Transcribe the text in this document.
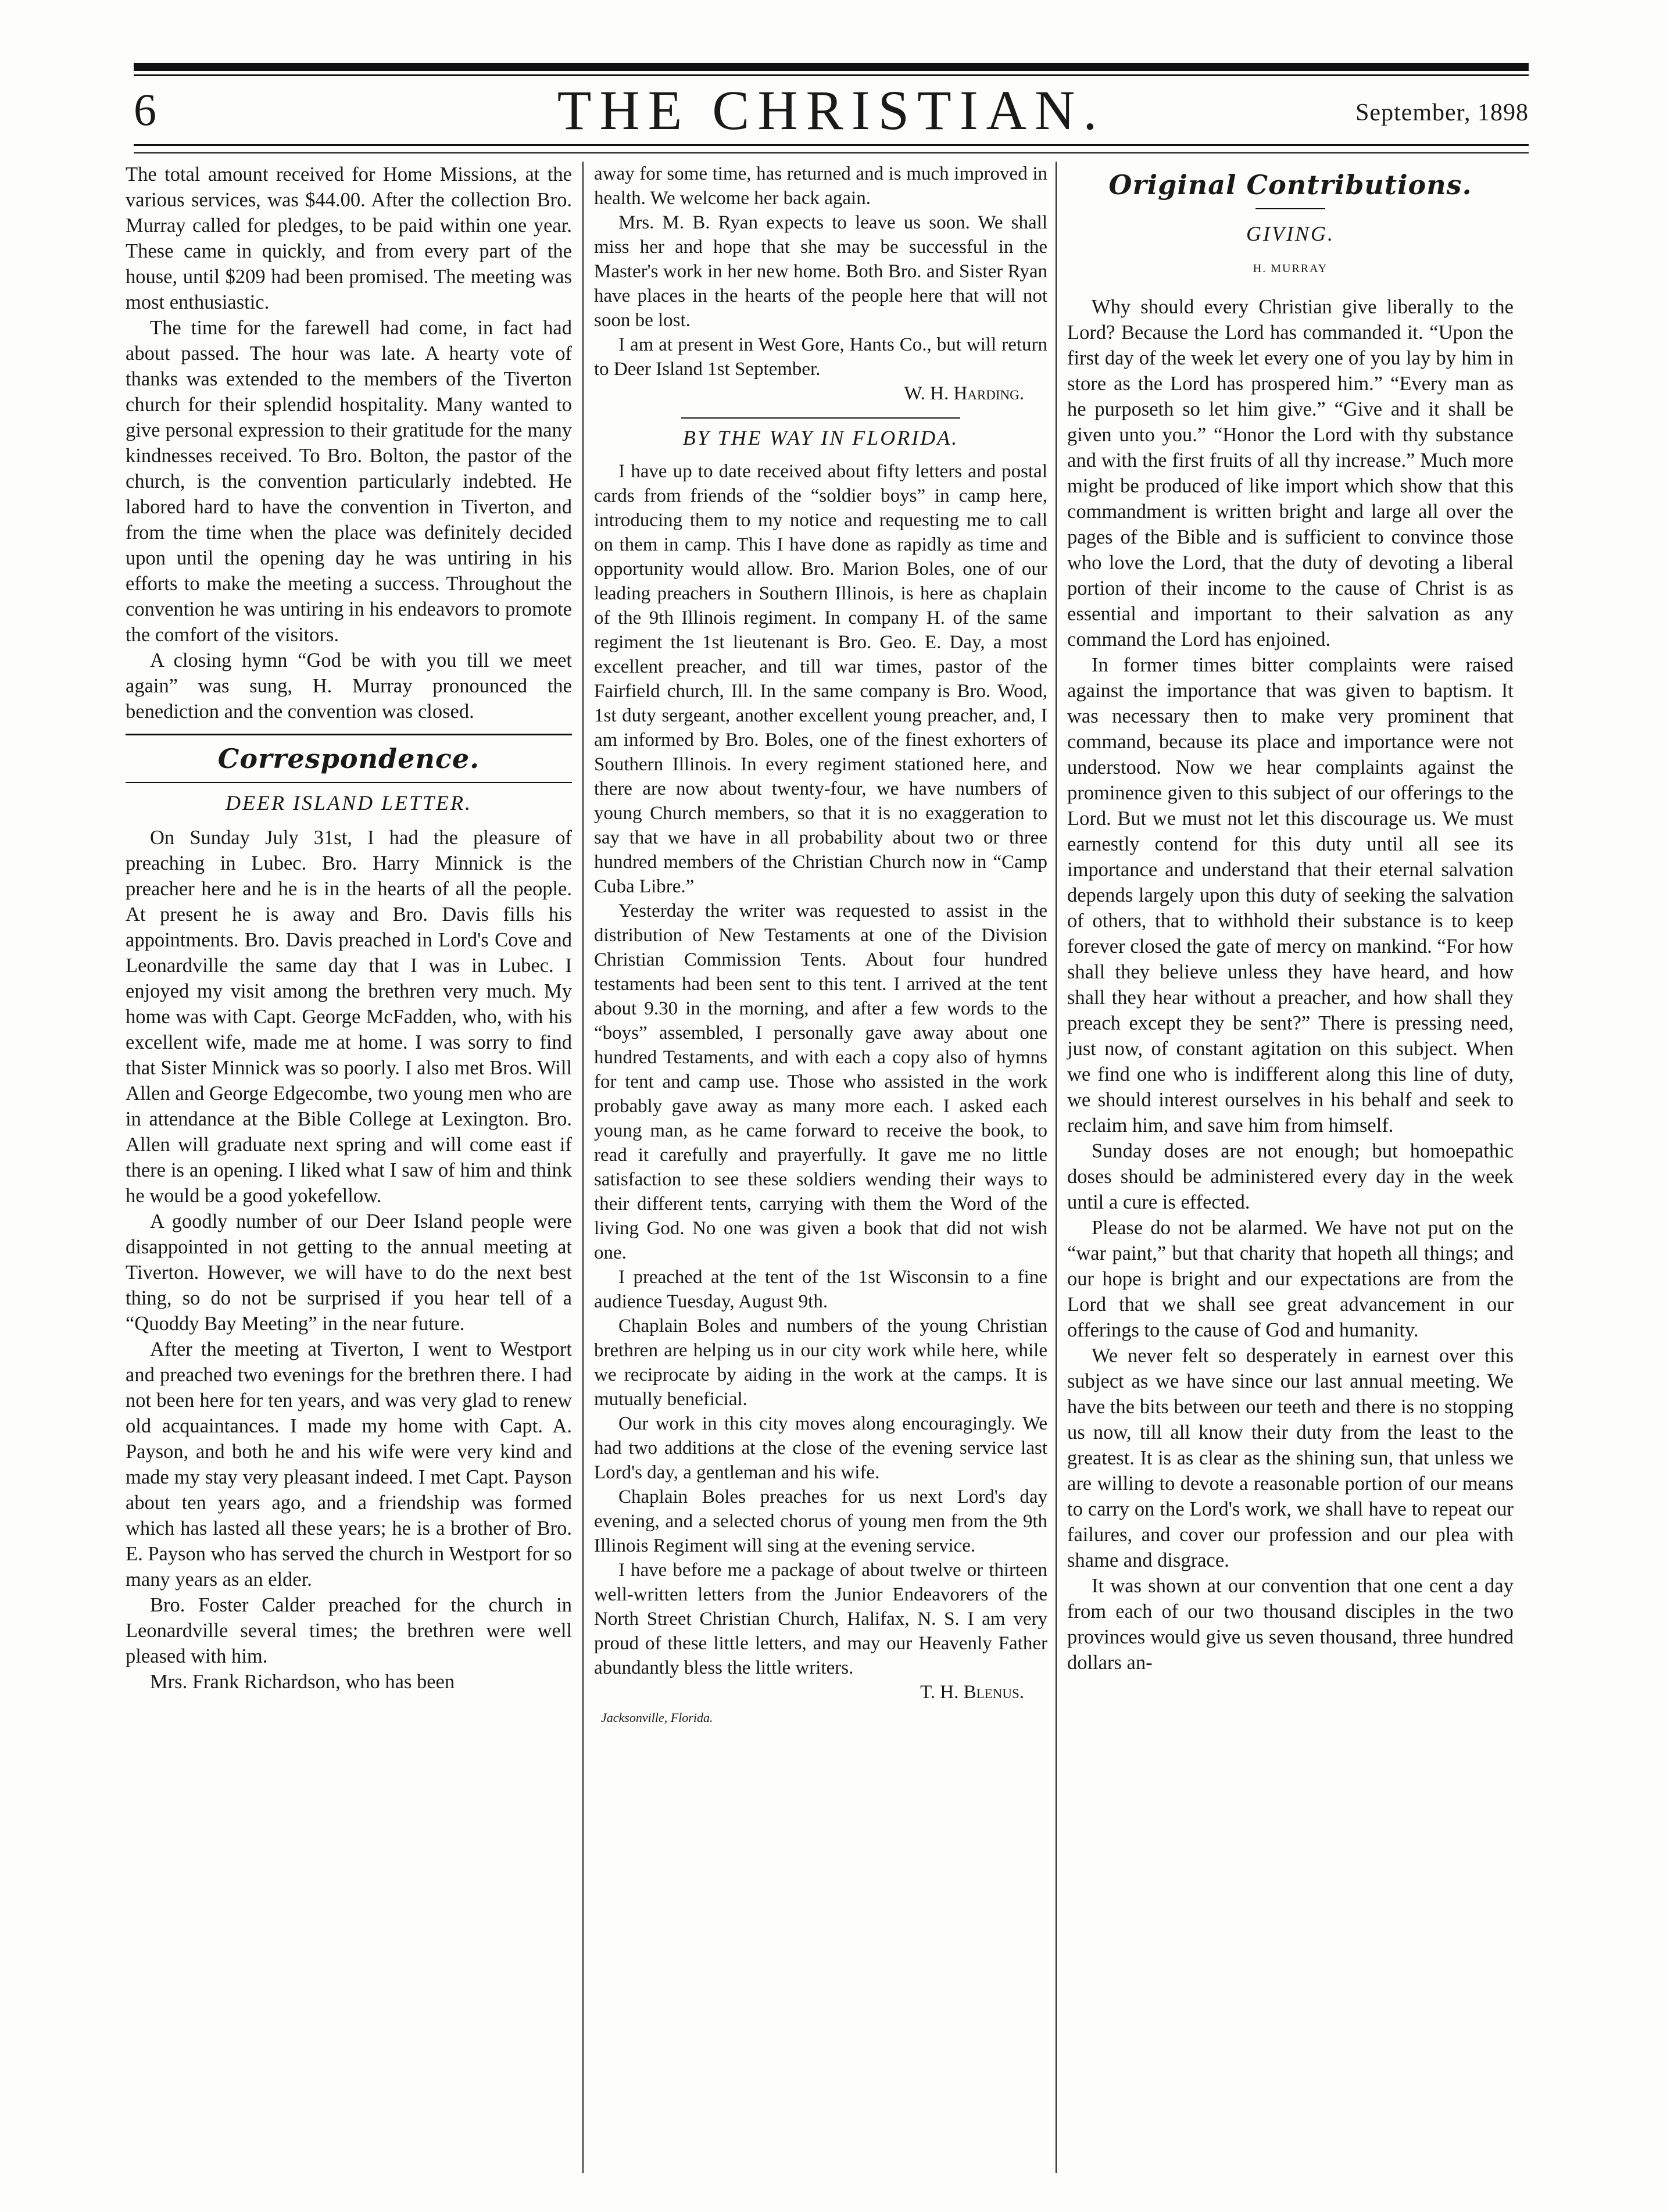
6	THE CHRISTIAN.	September, 1898

The total amount received for Home Missions, at the various services, was $44.00. After the collection Bro. Murray called for pledges, to be paid within one year. These came in quickly, and from every part of the house, until $209 had been promised. The meeting was most enthusiastic.

The time for the farewell had come, in fact had about passed. The hour was late. A hearty vote of thanks was extended to the members of the Tiverton church for their splendid hospitality. Many wanted to give personal expression to their gratitude for the many kindnesses received. To Bro. Bolton, the pastor of the church, is the convention particularly indebted. He labored hard to have the convention in Tiverton, and from the time when the place was definitely decided upon until the opening day he was untiring in his efforts to make the meeting a success. Throughout the convention he was untiring in his endeavors to promote the comfort of the visitors.

A closing hymn “God be with you till we meet again” was sung, H. Murray pronounced the benediction and the convention was closed.

Correspondence.
DEER ISLAND LETTER.

On Sunday July 31st, I had the pleasure of preaching in Lubec. Bro. Harry Minnick is the preacher here and he is in the hearts of all the people. At present he is away and Bro. Davis fills his appointments. Bro. Davis preached in Lord's Cove and Leonardville the same day that I was in Lubec. I enjoyed my visit among the brethren very much. My home was with Capt. George McFadden, who, with his excellent wife, made me at home. I was sorry to find that Sister Minnick was so poorly. I also met Bros. Will Allen and George Edgecombe, two young men who are in attendance at the Bible College at Lexington. Bro. Allen will graduate next spring and will come east if there is an opening. I liked what I saw of him and think he would be a good yokefellow.

A goodly number of our Deer Island people were disappointed in not getting to the annual meeting at Tiverton. However, we will have to do the next best thing, so do not be surprised if you hear tell of a “Quoddy Bay Meeting” in the near future.

After the meeting at Tiverton, I went to Westport and preached two evenings for the brethren there. I had not been here for ten years, and was very glad to renew old acquaintances. I made my home with Capt. A. Payson, and both he and his wife were very kind and made my stay very pleasant indeed. I met Capt. Payson about ten years ago, and a friendship was formed which has lasted all these years; he is a brother of Bro. E. Payson who has served the church in Westport for so many years as an elder.

Bro. Foster Calder preached for the church in Leonardville several times; the brethren were well pleased with him.

Mrs. Frank Richardson, who has been

away for some time, has returned and is much improved in health. We welcome her back again.

Mrs. M. B. Ryan expects to leave us soon. We shall miss her and hope that she may be successful in the Master's work in her new home. Both Bro. and Sister Ryan have places in the hearts of the people here that will not soon be lost.

I am at present in West Gore, Hants Co., but will return to Deer Island 1st September.

W. H. Harding.
BY THE WAY IN FLORIDA.

I have up to date received about fifty letters and postal cards from friends of the “soldier boys” in camp here, introducing them to my notice and requesting me to call on them in camp. This I have done as rapidly as time and opportunity would allow. Bro. Marion Boles, one of our leading preachers in Southern Illinois, is here as chaplain of the 9th Illinois regiment. In company H. of the same regiment the 1st lieutenant is Bro. Geo. E. Day, a most excellent preacher, and till war times, pastor of the Fairfield church, Ill. In the same company is Bro. Wood, 1st duty sergeant, another excellent young preacher, and, I am informed by Bro. Boles, one of the finest exhorters of Southern Illinois. In every regiment stationed here, and there are now about twenty-four, we have numbers of young Church members, so that it is no exaggeration to say that we have in all probability about two or three hundred members of the Christian Church now in “Camp Cuba Libre.”

Yesterday the writer was requested to assist in the distribution of New Testaments at one of the Division Christian Commission Tents. About four hundred testaments had been sent to this tent. I arrived at the tent about 9.30 in the morning, and after a few words to the “boys” assembled, I personally gave away about one hundred Testaments, and with each a copy also of hymns for tent and camp use. Those who assisted in the work probably gave away as many more each. I asked each young man, as he came forward to receive the book, to read it carefully and prayerfully. It gave me no little satisfaction to see these soldiers wending their ways to their different tents, carrying with them the Word of the living God. No one was given a book that did not wish one.

I preached at the tent of the 1st Wisconsin to a fine audience Tuesday, August 9th.

Chaplain Boles and numbers of the young Christian brethren are helping us in our city work while here, while we reciprocate by aiding in the work at the camps. It is mutually beneficial.

Our work in this city moves along encouragingly. We had two additions at the close of the evening service last Lord's day, a gentleman and his wife.

Chaplain Boles preaches for us next Lord's day evening, and a selected chorus of young men from the 9th Illinois Regiment will sing at the evening service.

I have before me a package of about twelve or thirteen well-written letters from the Junior Endeavorers of the North Street Christian Church, Halifax, N. S. I am very proud of these little letters, and may our Heavenly Father abundantly bless the little writers.

T. H. Blenus.
Jacksonville, Florida.
Original Contributions.
GIVING.
H. MURRAY

Why should every Christian give liberally to the Lord? Because the Lord has commanded it. “Upon the first day of the week let every one of you lay by him in store as the Lord has prospered him.” “Every man as he purposeth so let him give.” “Give and it shall be given unto you.” “Honor the Lord with thy substance and with the first fruits of all thy increase.” Much more might be produced of like import which show that this commandment is written bright and large all over the pages of the Bible and is sufficient to convince those who love the Lord, that the duty of devoting a liberal portion of their income to the cause of Christ is as essential and important to their salvation as any command the Lord has enjoined.

In former times bitter complaints were raised against the importance that was given to baptism. It was necessary then to make very prominent that command, because its place and importance were not understood. Now we hear complaints against the prominence given to this subject of our offerings to the Lord. But we must not let this discourage us. We must earnestly contend for this duty until all see its importance and understand that their eternal salvation depends largely upon this duty of seeking the salvation of others, that to withhold their substance is to keep forever closed the gate of mercy on mankind. “For how shall they believe unless they have heard, and how shall they hear without a preacher, and how shall they preach except they be sent?” There is pressing need, just now, of constant agitation on this subject. When we find one who is indifferent along this line of duty, we should interest ourselves in his behalf and seek to reclaim him, and save him from himself.

Sunday doses are not enough; but homoepathic doses should be administered every day in the week until a cure is effected.

Please do not be alarmed. We have not put on the “war paint,” but that charity that hopeth all things; and our hope is bright and our expectations are from the Lord that we shall see great advancement in our offerings to the cause of God and humanity.

We never felt so desperately in earnest over this subject as we have since our last annual meeting. We have the bits between our teeth and there is no stopping us now, till all know their duty from the least to the greatest. It is as clear as the shining sun, that unless we are willing to devote a reasonable portion of our means to carry on the Lord's work, we shall have to repeat our failures, and cover our profession and our plea with shame and disgrace.

It was shown at our convention that one cent a day from each of our two thousand disciples in the two provinces would give us seven thousand, three hundred dollars an-
